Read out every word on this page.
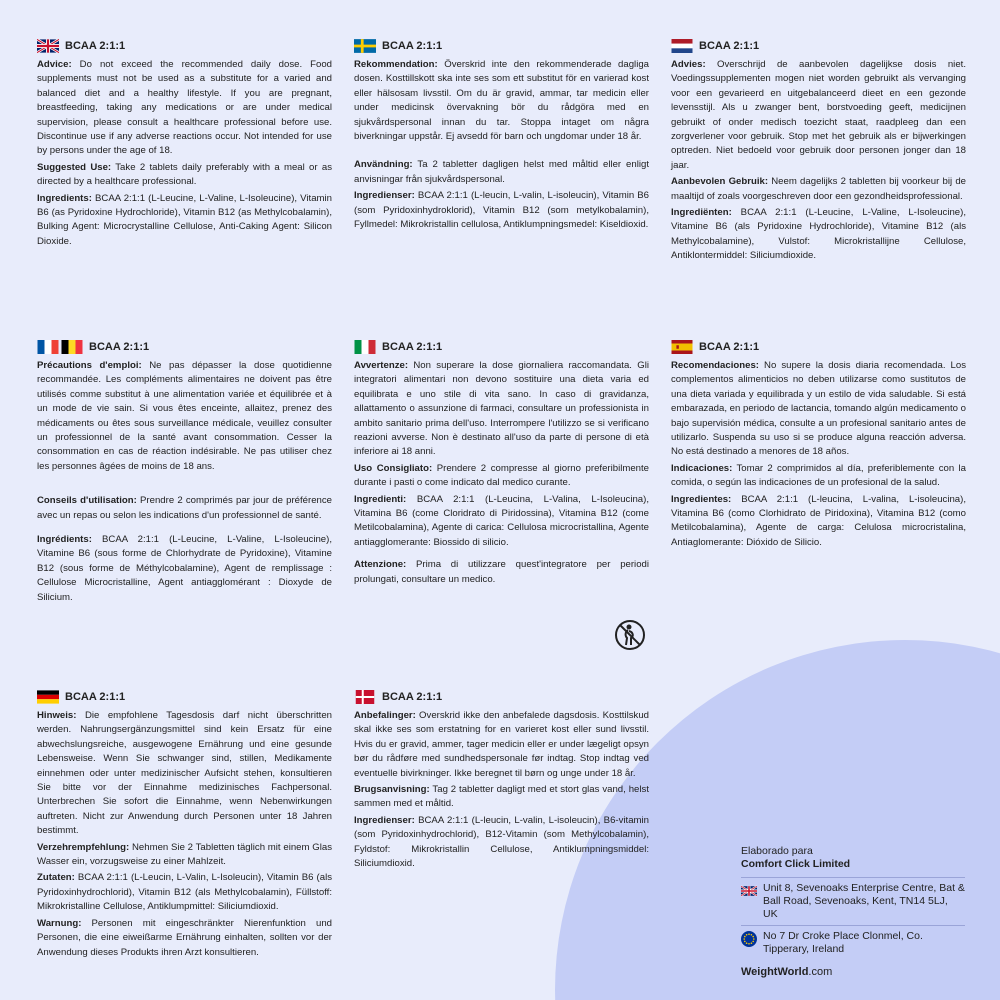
BCAA 2:1:1

Advice: Do not exceed the recommended daily dose. Food supplements must not be used as a substitute for a varied and balanced diet and a healthy lifestyle. If you are pregnant, breastfeeding, taking any medications or are under medical supervision, please consult a healthcare professional before use. Discontinue use if any adverse reactions occur. Not intended for use by persons under the age of 18.

Suggested Use: Take 2 tablets daily preferably with a meal or as directed by a healthcare professional.

Ingredients: BCAA 2:1:1 (L-Leucine, L-Valine, L-Isoleucine), Vitamin B6 (as Pyridoxine Hydrochloride), Vitamin B12 (as Methylcobalamin), Bulking Agent: Microcrystalline Cellulose, Anti-Caking Agent: Silicon Dioxide.

BCAA 2:1:1

Rekommendation: Överskrid inte den rekommenderade dagliga dosen. Kosttillskott ska inte ses som ett substitut för en varierad kost eller hälsosam livsstil. Om du är gravid, ammar, tar medicin eller under medicinsk övervakning bör du rådgöra med en sjukvårdspersonal innan du tar. Stoppa intaget om några biverkningar uppstår. Ej avsedd för barn och ungdomar under 18 år.

Användning: Ta 2 tabletter dagligen helst med måltid eller enligt anvisningar från sjukvårdspersonal.

Ingredienser: BCAA 2:1:1 (L-leucin, L-valin, L-isoleucin), Vitamin B6 (som Pyridoxinhydroklorid), Vitamin B12 (som metylkobalamin), Fyllmedel: Mikrokristallin cellulosa, Antiklumpningsmedel: Kiseldioxid.

BCAA 2:1:1

Advies: Overschrijd de aanbevolen dagelijkse dosis niet. Voedingssupplementen mogen niet worden gebruikt als vervanging voor een gevarieerd en uitgebalanceerd dieet en een gezonde levensstijl. Als u zwanger bent, borstvoeding geeft, medicijnen gebruikt of onder medisch toezicht staat, raadpleeg dan een zorgverlener voor gebruik. Stop met het gebruik als er bijwerkingen optreden. Niet bedoeld voor gebruik door personen jonger dan 18 jaar.

Aanbevolen Gebruik: Neem dagelijks 2 tabletten bij voorkeur bij de maaltijd of zoals voorgeschreven door een gezondheidsprofessional.

Ingrediënten: BCAA 2:1:1 (L-Leucine, L-Valine, L-Isoleucine), Vitamine B6 (als Pyridoxine Hydrochloride), Vitamine B12 (als Methylcobalamine), Vulstof: Microkristallijne Cellulose, Antiklontermiddel: Siliciumdioxide.

BCAA 2:1:1

Précautions d'emploi: Ne pas dépasser la dose quotidienne recommandée. Les compléments alimentaires ne doivent pas être utilisés comme substitut à une alimentation variée et équilibrée et à un mode de vie sain. Si vous êtes enceinte, allaitez, prenez des médicaments ou êtes sous surveillance médicale, veuillez consulter un professionnel de la santé avant consommation. Cesser la consommation en cas de réaction indésirable. Ne pas utiliser chez les personnes âgées de moins de 18 ans.

Conseils d'utilisation: Prendre 2 comprimés par jour de préférence avec un repas ou selon les indications d'un professionnel de santé.

Ingrédients: BCAA 2:1:1 (L-Leucine, L-Valine, L-Isoleucine), Vitamine B6 (sous forme de Chlorhydrate de Pyridoxine), Vitamine B12 (sous forme de Méthylcobalamine), Agent de remplissage : Cellulose Microcristalline, Agent antiagglomérant : Dioxyde de Silicium.

BCAA 2:1:1

Avvertenze: Non superare la dose giornaliera raccomandata. Gli integratori alimentari non devono sostituire una dieta varia ed equilibrata e uno stile di vita sano. In caso di gravidanza, allattamento o assunzione di farmaci, consultare un professionista in ambito sanitario prima dell'uso. Interrompere l'utilizzo se si verificano reazioni avverse. Non è destinato all'uso da parte di persone di età inferiore ai 18 anni.

Uso Consigliato: Prendere 2 compresse al giorno preferibilmente durante i pasti o come indicato dal medico curante.

Ingredienti: BCAA 2:1:1 (L-Leucina, L-Valina, L-Isoleucina), Vitamina B6 (come Cloridrato di Piridossina), Vitamina B12 (come Metilcobalamina), Agente di carica: Cellulosa microcristallina, Agente antiagglomerante: Biossido di silicio.

Attenzione: Prima di utilizzare quest'integratore per periodi prolungati, consultare un medico.

BCAA 2:1:1

Recomendaciones: No supere la dosis diaria recomendada. Los complementos alimenticios no deben utilizarse como sustitutos de una dieta variada y equilibrada y un estilo de vida saludable. Si está embarazada, en periodo de lactancia, tomando algún medicamento o bajo supervisión médica, consulte a un profesional sanitario antes de utilizarlo. Suspenda su uso si se produce alguna reacción adversa. No está destinado a menores de 18 años.

Indicaciones: Tomar 2 comprimidos al día, preferiblemente con la comida, o según las indicaciones de un profesional de la salud.

Ingredientes: BCAA 2:1:1 (L-leucina, L-valina, L-isoleucina), Vitamina B6 (como Clorhidrato de Piridoxina), Vitamina B12 (como Metilcobalamina), Agente de carga: Celulosa microcristalina, Antiaglomerante: Dióxido de Silicio.

BCAA 2:1:1

Hinweis: Die empfohlene Tagesdosis darf nicht überschritten werden. Nahrungsergänzungsmittel sind kein Ersatz für eine abwechslungsreiche, ausgewogene Ernährung und eine gesunde Lebensweise. Wenn Sie schwanger sind, stillen, Medikamente einnehmen oder unter medizinischer Aufsicht stehen, konsultieren Sie bitte vor der Einnahme medizinisches Fachpersonal. Unterbrechen Sie sofort die Einnahme, wenn Nebenwirkungen auftreten. Nicht zur Anwendung durch Personen unter 18 Jahren bestimmt.

Verzehrempfehlung: Nehmen Sie 2 Tabletten täglich mit einem Glas Wasser ein, vorzugsweise zu einer Mahlzeit.

Zutaten: BCAA 2:1:1 (L-Leucin, L-Valin, L-Isoleucin), Vitamin B6 (als Pyridoxinhydrochlorid), Vitamin B12 (als Methylcobalamin), Füllstoff: Mikrokristalline Cellulose, Antiklumpmittel: Siliciumdioxid.

Warnung: Personen mit eingeschränkter Nierenfunktion und Personen, die eine eiweißarme Ernährung einhalten, sollten vor der Anwendung dieses Produkts ihren Arzt konsultieren.

BCAA 2:1:1

Anbefalinger: Overskrid ikke den anbefalede dagsdosis. Kosttilskud skal ikke ses som erstatning for en varieret kost eller sund livsstil. Hvis du er gravid, ammer, tager medicin eller er under lægeligt opsyn bør du rådføre med sundhedspersonale før indtag. Stop indtag ved eventuelle bivirkninger. Ikke beregnet til børn og unge under 18 år.

Brugsanvisning: Tag 2 tabletter dagligt med et stort glas vand, helst sammen med et måltid.

Ingredienser: BCAA 2:1:1 (L-leucin, L-valin, L-isoleucin), B6-vitamin (som Pyridoxinhydrochlorid), B12-Vitamin (som Methylcobalamin), Fyldstof: Mikrokristallin Cellulose, Antiklumpningsmiddel: Siliciumdioxid.

Elaborado para
Comfort Click Limited
Unit 8, Sevenoaks Enterprise Centre, Bat & Ball Road, Sevenoaks, Kent, TN14 5LJ, UK
No 7 Dr Croke Place Clonmel, Co. Tipperary, Ireland
WeightWorld.com
